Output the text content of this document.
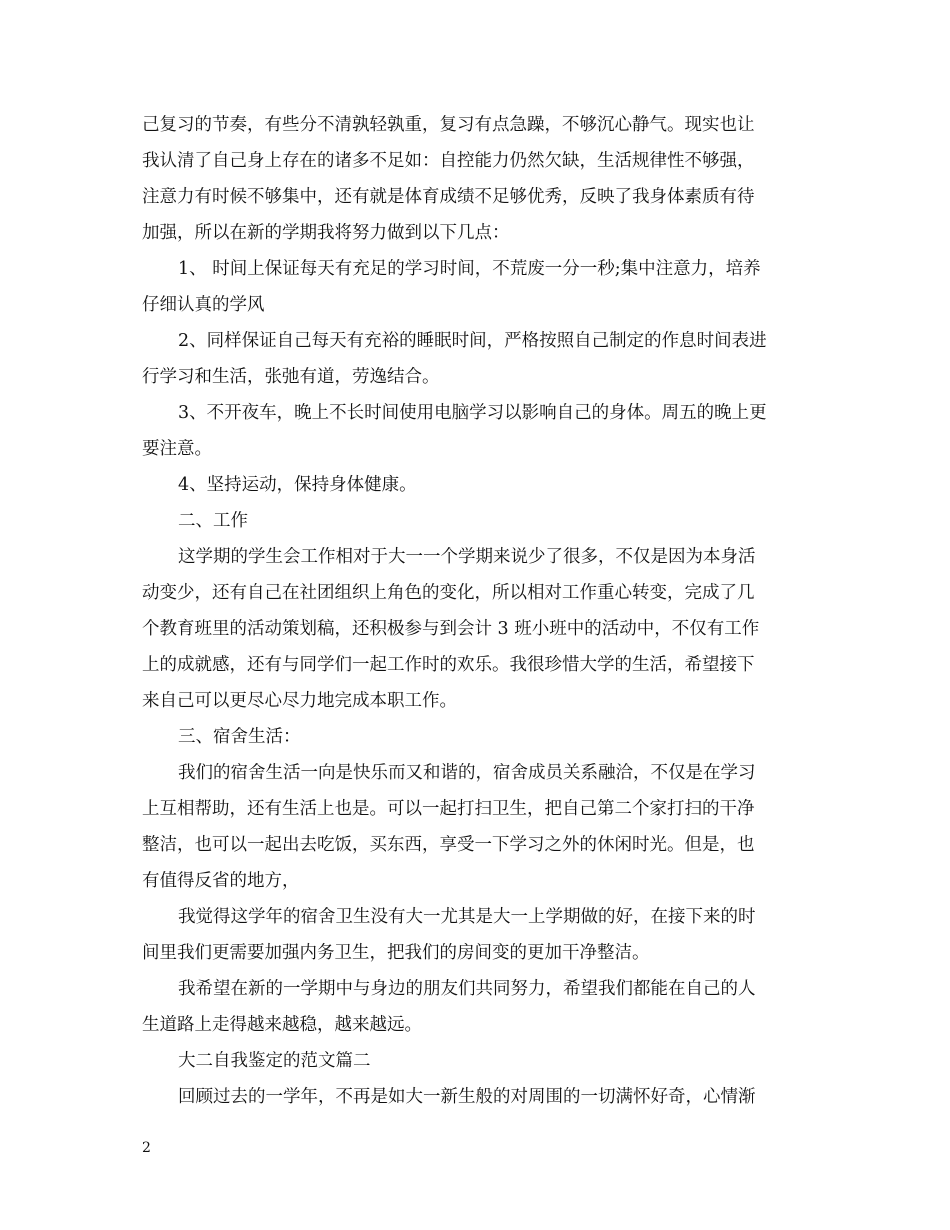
己复习的节奏，有些分不清孰轻孰重，复习有点急躁，不够沉心静气。现实也让
我认清了自己身上存在的诸多不足如：自控能力仍然欠缺，生活规律性不够强，
注意力有时候不够集中，还有就是体育成绩不足够优秀，反映了我身体素质有待
加强，所以在新的学期我将努力做到以下几点：
1、 时间上保证每天有充足的学习时间，不荒废一分一秒;集中注意力，培养
仔细认真的学风
2、同样保证自己每天有充裕的睡眠时间，严格按照自己制定的作息时间表进
行学习和生活，张弛有道，劳逸结合。
3、不开夜车，晚上不长时间使用电脑学习以影响自己的身体。周五的晚上更
要注意。
4、坚持运动，保持身体健康。
二、工作
这学期的学生会工作相对于大一一个学期来说少了很多，不仅是因为本身活
动变少，还有自己在社团组织上角色的变化，所以相对工作重心转变，完成了几
个教育班里的活动策划稿，还积极参与到会计 3 班小班中的活动中，不仅有工作
上的成就感，还有与同学们一起工作时的欢乐。我很珍惜大学的生活，希望接下
来自己可以更尽心尽力地完成本职工作。
三、宿舍生活：
我们的宿舍生活一向是快乐而又和谐的，宿舍成员关系融洽，不仅是在学习
上互相帮助，还有生活上也是。可以一起打扫卫生，把自己第二个家打扫的干净
整洁，也可以一起出去吃饭，买东西，享受一下学习之外的休闲时光。但是，也
有值得反省的地方，
我觉得这学年的宿舍卫生没有大一尤其是大一上学期做的好，在接下来的时
间里我们更需要加强内务卫生，把我们的房间变的更加干净整洁。
我希望在新的一学期中与身边的朋友们共同努力，希望我们都能在自己的人
生道路上走得越来越稳，越来越远。
大二自我鉴定的范文篇二
回顾过去的一学年，不再是如大一新生般的对周围的一切满怀好奇，心情渐
2
